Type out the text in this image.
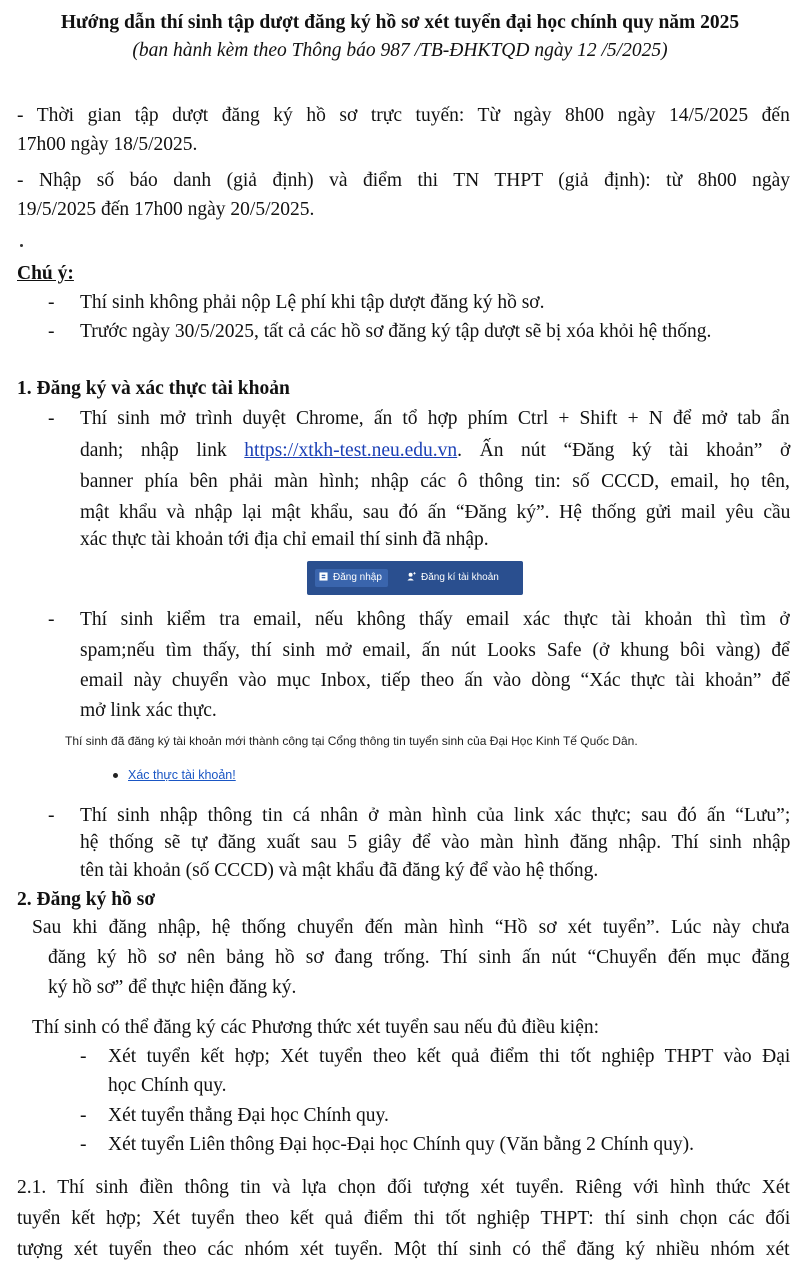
Hướng dẫn thí sinh tập dượt đăng ký hồ sơ xét tuyển đại học chính quy năm 2025
(ban hành kèm theo Thông báo 987 /TB-ĐHKTQD ngày 12 /5/2025)
- Thời gian tập dượt đăng ký hồ sơ trực tuyến: Từ ngày 8h00 ngày 14/5/2025 đến
17h00 ngày 18/5/2025.
- Nhập số báo danh (giả định) và điểm thi TN THPT (giả định): từ 8h00 ngày
19/5/2025 đến 17h00 ngày 20/5/2025.
Chú ý:
- Thí sinh không phải nộp Lệ phí khi tập dượt đăng ký hồ sơ.
- Trước ngày 30/5/2025, tất cả các hồ sơ đăng ký tập dượt sẽ bị xóa khỏi hệ thống.
1. Đăng ký và xác thực tài khoản
- Thí sinh mở trình duyệt Chrome, ấn tổ hợp phím Ctrl + Shift + N để mở tab ẩn
danh; nhập link https://xtkh-test.neu.edu.vn. Ấn nút “Đăng ký tài khoản” ở
banner phía bên phải màn hình; nhập các ô thông tin: số CCCD, email, họ tên,
mật khẩu và nhập lại mật khẩu, sau đó ấn “Đăng ký”. Hệ thống gửi mail yêu cầu
xác thực tài khoản tới địa chỉ email thí sinh đã nhập.
Đăng nhập	Đăng kí tài khoản
- Thí sinh kiểm tra email, nếu không thấy email xác thực tài khoản thì tìm ở
spam;nếu tìm thấy, thí sinh mở email, ấn nút Looks Safe (ở khung bôi vàng) để
email này chuyển vào mục Inbox, tiếp theo ấn vào dòng “Xác thực tài khoản” để
mở link xác thực.
Thí sinh đã đăng ký tài khoản mới thành công tại Cổng thông tin tuyển sinh của Đại Học Kinh Tế Quốc Dân.
Xác thực tài khoản!
- Thí sinh nhập thông tin cá nhân ở màn hình của link xác thực; sau đó ấn “Lưu”;
hệ thống sẽ tự đăng xuất sau 5 giây để vào màn hình đăng nhập. Thí sinh nhập
tên tài khoản (số CCCD) và mật khẩu đã đăng ký để vào hệ thống.
2. Đăng ký hồ sơ
Sau khi đăng nhập, hệ thống chuyển đến màn hình “Hồ sơ xét tuyển”. Lúc này chưa
đăng ký hồ sơ nên bảng hồ sơ đang trống. Thí sinh ấn nút “Chuyển đến mục đăng
ký hồ sơ” để thực hiện đăng ký.
Thí sinh có thể đăng ký các Phương thức xét tuyển sau nếu đủ điều kiện:
- Xét tuyển kết hợp; Xét tuyển theo kết quả điểm thi tốt nghiệp THPT vào Đại
học Chính quy.
- Xét tuyển thẳng Đại học Chính quy.
- Xét tuyển Liên thông Đại học-Đại học Chính quy (Văn bằng 2 Chính quy).
2.1. Thí sinh điền thông tin và lựa chọn đối tượng xét tuyển. Riêng với hình thức Xét
tuyển kết hợp; Xét tuyển theo kết quả điểm thi tốt nghiệp THPT: thí sinh chọn các đối
tượng xét tuyển theo các nhóm xét tuyển. Một thí sinh có thể đăng ký nhiều nhóm xét
